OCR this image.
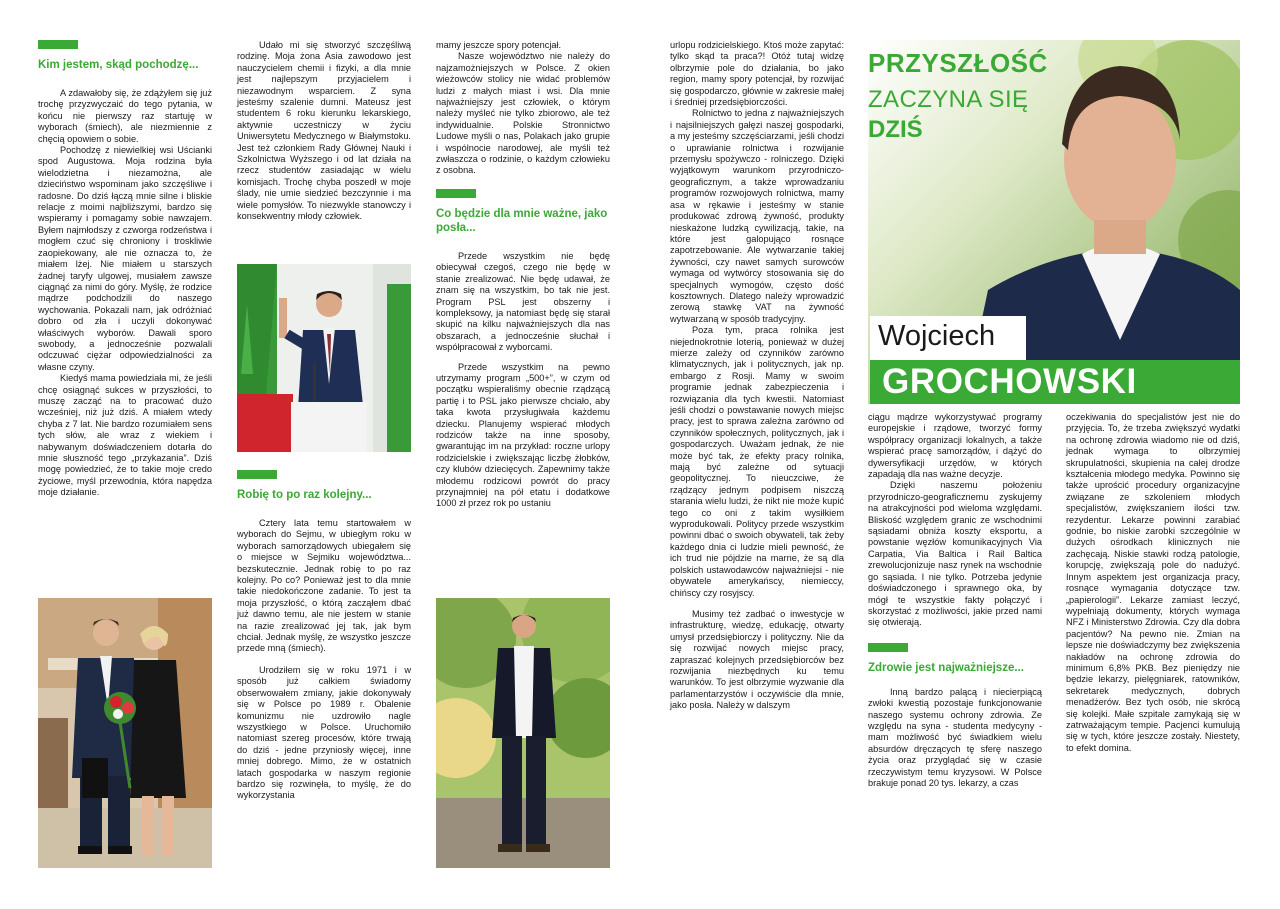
Kim jestem, skąd pochodzę...

A zdawałoby się, że zdążyłem się już trochę przyzwyczaić do tego pytania, w końcu nie pierwszy raz startuję w wyborach (śmiech), ale niezmiennie z chęcią opowiem o sobie.

Pochodzę z niewielkiej wsi Uścianki spod Augustowa. Moja rodzina była wielodzietna i niezamożna, ale dzieciństwo wspominam jako szczęśliwe i radosne. Do dziś łączą mnie silne i bliskie relacje z moimi najbliższymi, bardzo się wspieramy i pomagamy sobie nawzajem. Byłem najmłodszy z czworga rodzeństwa i mogłem czuć się chroniony i troskliwie zaopiekowany, ale nie oznacza to, że miałem lżej. Nie miałem u starszych żadnej taryfy ulgowej, musiałem zawsze ciągnąć za nimi do góry. Myślę, że rodzice mądrze podchodzili do naszego wychowania. Pokazali nam, jak odróżniać dobro od zła i uczyli dokonywać właściwych wyborów. Dawali sporo swobody, a jednocześnie pozwalali odczuwać ciężar odpowiedzialności za własne czyny.

Kiedyś mama powiedziała mi, że jeśli chcę osiągnąć sukces w przyszłości, to muszę zacząć na to pracować dużo wcześniej, niż już dziś. A miałem wtedy chyba z 7 lat. Nie bardzo rozumiałem sens tych słów, ale wraz z wiekiem i nabywanym doświadczeniem dotarła do mnie słuszność tego „przykazania”. Dziś mogę powiedzieć, że to takie moje credo życiowe, myśl przewodnia, która napędza moje działanie.

Udało mi się stworzyć szczęśliwą rodzinę. Moja żona Asia zawodowo jest nauczycielem chemii i fizyki, a dla mnie jest najlepszym przyjacielem i niezawodnym wsparciem. Z syna jesteśmy szalenie dumni. Mateusz jest studentem 6 roku kierunku lekarskiego, aktywnie uczestniczy w życiu Uniwersytetu Medycznego w Białymstoku. Jest też członkiem Rady Głównej Nauki i Szkolnictwa Wyższego i od lat działa na rzecz studentów zasiadając w wielu komisjach. Trochę chyba poszedł w moje ślady, nie umie siedzieć bezczynnie i ma wiele pomysłów. To niezwykle stanowczy i konsekwentny młody człowiek.

Robię to po raz kolejny...

Cztery lata temu startowałem w wyborach do Sejmu, w ubiegłym roku w wyborach samorządowych ubiegałem się o miejsce w Sejmiku województwa... bezskutecznie. Jednak robię to po raz kolejny. Po co? Ponieważ jest to dla mnie takie niedokończone zadanie. To jest ta moja przyszłość, o którą zacząłem dbać już dawno temu, ale nie jestem w stanie na razie zrealizować jej tak, jak bym chciał. Jednak myślę, że wszystko jeszcze przede mną (śmiech).

Urodziłem się w roku 1971 i w sposób już całkiem świadomy obserwowałem zmiany, jakie dokonywały się w Polsce po 1989 r. Obalenie komunizmu nie uzdrowiło nagle wszystkiego w Polsce. Uruchomiło natomiast szereg procesów, które trwają do dziś - jedne przyniosły więcej, inne mniej dobrego. Mimo, że w ostatnich latach gospodarka w naszym regionie bardzo się rozwinęła, to myślę, że do wykorzystania

mamy jeszcze spory potencjał.

Nasze województwo nie należy do najzamożniejszych w Polsce. Z okien wieżowców stolicy nie widać problemów ludzi z małych miast i wsi. Dla mnie najważniejszy jest człowiek, o którym należy myśleć nie tylko zbiorowo, ale też indywidualnie. Polskie Stronnictwo Ludowe myśli o nas, Polakach jako grupie i wspólnocie narodowej, ale myśli też zwłaszcza o rodzinie, o każdym człowieku z osobna.

Co będzie dla mnie ważne, jako posła...

Przede wszystkim nie będę obiecywał czegoś, czego nie będę w stanie zrealizować. Nie będę udawał, że znam się na wszystkim, bo tak nie jest. Program PSL jest obszerny i kompleksowy, ja natomiast będę się starał skupić na kilku najważniejszych dla nas obszarach, a jednocześnie słuchał i współpracował z wyborcami.

Przede wszystkim na pewno utrzymamy program „500+”, w czym od początku wspieraliśmy obecnie rządzącą partię i to PSL jako pierwsze chciało, aby taka kwota przysługiwała każdemu dziecku. Planujemy wspierać młodych rodziców także na inne sposoby, gwarantując im na przykład: roczne urlopy rodzicielskie i zwiększając liczbę żłobków, czy klubów dziecięcych. Zapewnimy także młodemu rodzicowi powrót do pracy przynajmniej na pół etatu i dodatkowe 1000 zł przez rok po ustaniu

urlopu rodzicielskiego. Ktoś może zapytać: tylko skąd ta praca?! Otóż tutaj widzę olbrzymie pole do działania, bo jako region, mamy spory potencjał, by rozwijać się gospodarczo, głównie w zakresie małej i średniej przedsiębiorczości.

Rolnictwo to jedna z najważniejszych i najsilniejszych gałęzi naszej gospodarki, a my jesteśmy szczęściarzami, jeśli chodzi o uprawianie rolnictwa i rozwijanie przemysłu spożywczo - rolniczego. Dzięki wyjątkowym warunkom przyrodniczo-geograficznym, a także wprowadzaniu programów rozwojowych rolnictwa, mamy asa w rękawie i jesteśmy w stanie produkować zdrową żywność, produkty nieskażone ludzką cywilizacją, takie, na które jest galopująco rosnące zapotrzebowanie. Ale wytwarzanie takiej żywności, czy nawet samych surowców wymaga od wytwórcy stosowania się do specjalnych wymogów, często dość kosztownych. Dlatego należy wprowadzić zerową stawkę VAT na żywność wytwarzaną w sposób tradycyjny.

Poza tym, praca rolnika jest niejednokrotnie loterią, ponieważ w dużej mierze zależy od czynników zarówno klimatycznych, jak i politycznych, jak np. embargo z Rosji. Mamy w swoim programie jednak zabezpieczenia i rozwiązania dla tych kwestii. Natomiast jeśli chodzi o powstawanie nowych miejsc pracy, jest to sprawa zależna zarówno od czynników społecznych, politycznych, jak i gospodarczych. Uważam jednak, że nie może być tak, że efekty pracy rolnika, mają być zależne od sytuacji geopolitycznej. To nieuczciwe, że rządzący jednym podpisem niszczą starania wielu ludzi, że nikt nie może kupić tego co oni z takim wysiłkiem wyprodukowali. Politycy przede wszystkim powinni dbać o swoich obywateli, tak żeby każdego dnia ci ludzie mieli pewność, że ich trud nie pójdzie na marne, że są dla polskich ustawodawców najważniejsi - nie obywatele amerykańscy, niemieccy, chińscy czy rosyjscy.

Musimy też zadbać o inwestycje w infrastrukturę, wiedzę, edukację, otwarty umysł przedsiębiorczy i polityczny. Nie da się rozwijać nowych miejsc pracy, zapraszać kolejnych przedsiębiorców bez rozwijania niezbędnych ku temu warunków. To jest olbrzymie wyzwanie dla parlamentarzystów i oczywiście dla mnie, jako posła. Należy w dalszym

PRZYSZŁOŚĆ
ZACZYNA SIĘ
DZIŚ
Wojciech
GROCHOWSKI

ciągu mądrze wykorzystywać programy europejskie i rządowe, tworzyć formy współpracy organizacji lokalnych, a także wspierać pracę samorządów, i dążyć do dywersyfikacji urzędów, w których zapadają dla nas ważne decyzje.

Dzięki naszemu położeniu przyrodniczo-geograficznemu zyskujemy na atrakcyjności pod wieloma względami. Bliskość względem granic ze wschodnimi sąsiadami obniża koszty eksportu, a powstanie węzłów komunikacyjnych Via Carpatia, Via Baltica i Rail Baltica zrewolucjonizuje nasz rynek na wschodnie go sąsiada. I nie tylko. Potrzeba jedynie doświadczonego i sprawnego oka, by mógł te wszystkie fakty połączyć i skorzystać z możliwości, jakie przed nami się otwierają.

Zdrowie jest najważniejsze...

Inną bardzo palącą i niecierpiącą zwłoki kwestią pozostaje funkcjonowanie naszego systemu ochrony zdrowia. Ze względu na syna - studenta medycyny - mam możliwość być świadkiem wielu absurdów dręczących tę sferę naszego życia oraz przyglądać się w czasie rzeczywistym temu kryzysowi. W Polsce brakuje ponad 20 tys. lekarzy, a czas

oczekiwania do specjalistów jest nie do przyjęcia. To, że trzeba zwiększyć wydatki na ochronę zdrowia wiadomo nie od dziś, jednak wymaga to olbrzymiej skrupulatności, skupienia na całej drodze kształcenia młodego medyka. Powinno się także uprościć procedury organizacyjne związane ze szkoleniem młodych specjalistów, zwiększaniem ilości tzw. rezydentur. Lekarze powinni zarabiać godnie, bo niskie zarobki szczególnie w dużych ośrodkach klinicznych nie zachęcają. Niskie stawki rodzą patologie, korupcję, zwiększają pole do nadużyć. Innym aspektem jest organizacja pracy, rosnące wymagania dotyczące tzw. „papierologii”. Lekarze zamiast leczyć, wypełniają dokumenty, których wymaga NFZ i Ministerstwo Zdrowia. Czy dla dobra pacjentów? Na pewno nie. Zmian na lepsze nie doświadczymy bez zwiększenia nakładów na ochronę zdrowia do minimum 6,8% PKB. Bez pieniędzy nie będzie lekarzy, pielęgniarek, ratowników, sekretarek medycznych, dobrych menadżerów. Bez tych osób, nie skrócą się kolejki. Małe szpitale zamykają się w zatrważającym tempie. Pacjenci kumulują się w tych, które jeszcze zostały. Niestety, to efekt domina.
